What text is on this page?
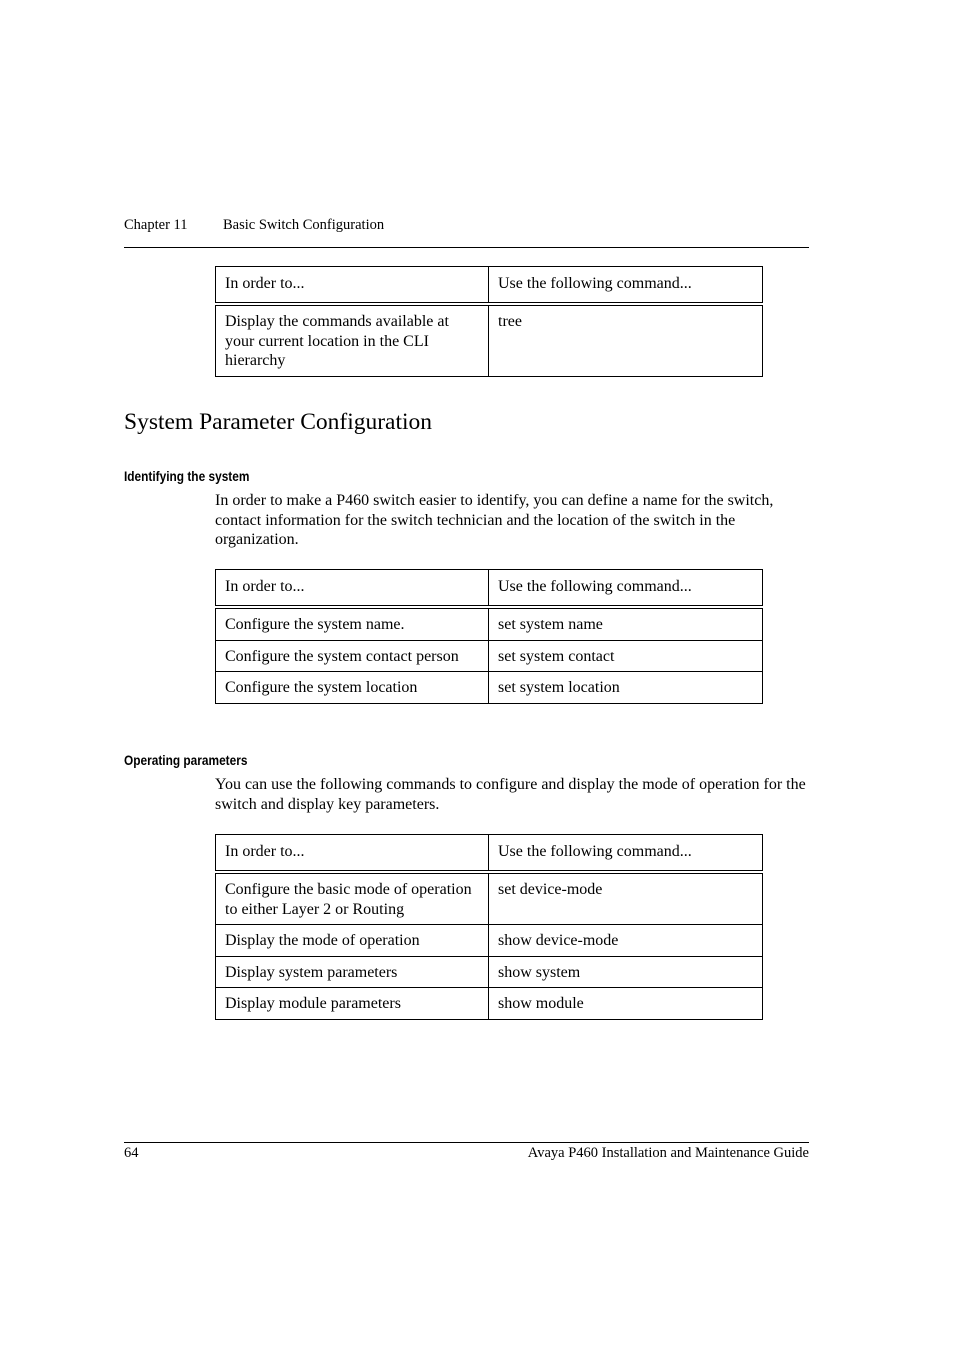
Chapter 11 Basic Switch Configuration
In order to...	Use the following command...
Display the commands available at your current location in the CLI hierarchy	tree
System Parameter Configuration
Identifying the system
In order to make a P460 switch easier to identify, you can define a name for the switch, contact information for the switch technician and the location of the switch in the organization.
In order to...	Use the following command...
Configure the system name.	set system name
Configure the system contact person	set system contact
Configure the system location	set system location
Operating parameters
You can use the following commands to configure and display the mode of operation for the switch and display key parameters.
In order to...	Use the following command...
Configure the basic mode of operation to either Layer 2 or Routing	set device-mode
Display the mode of operation	show device-mode
Display system parameters	show system
Display module parameters	show module
64	Avaya P460 Installation and Maintenance Guide
